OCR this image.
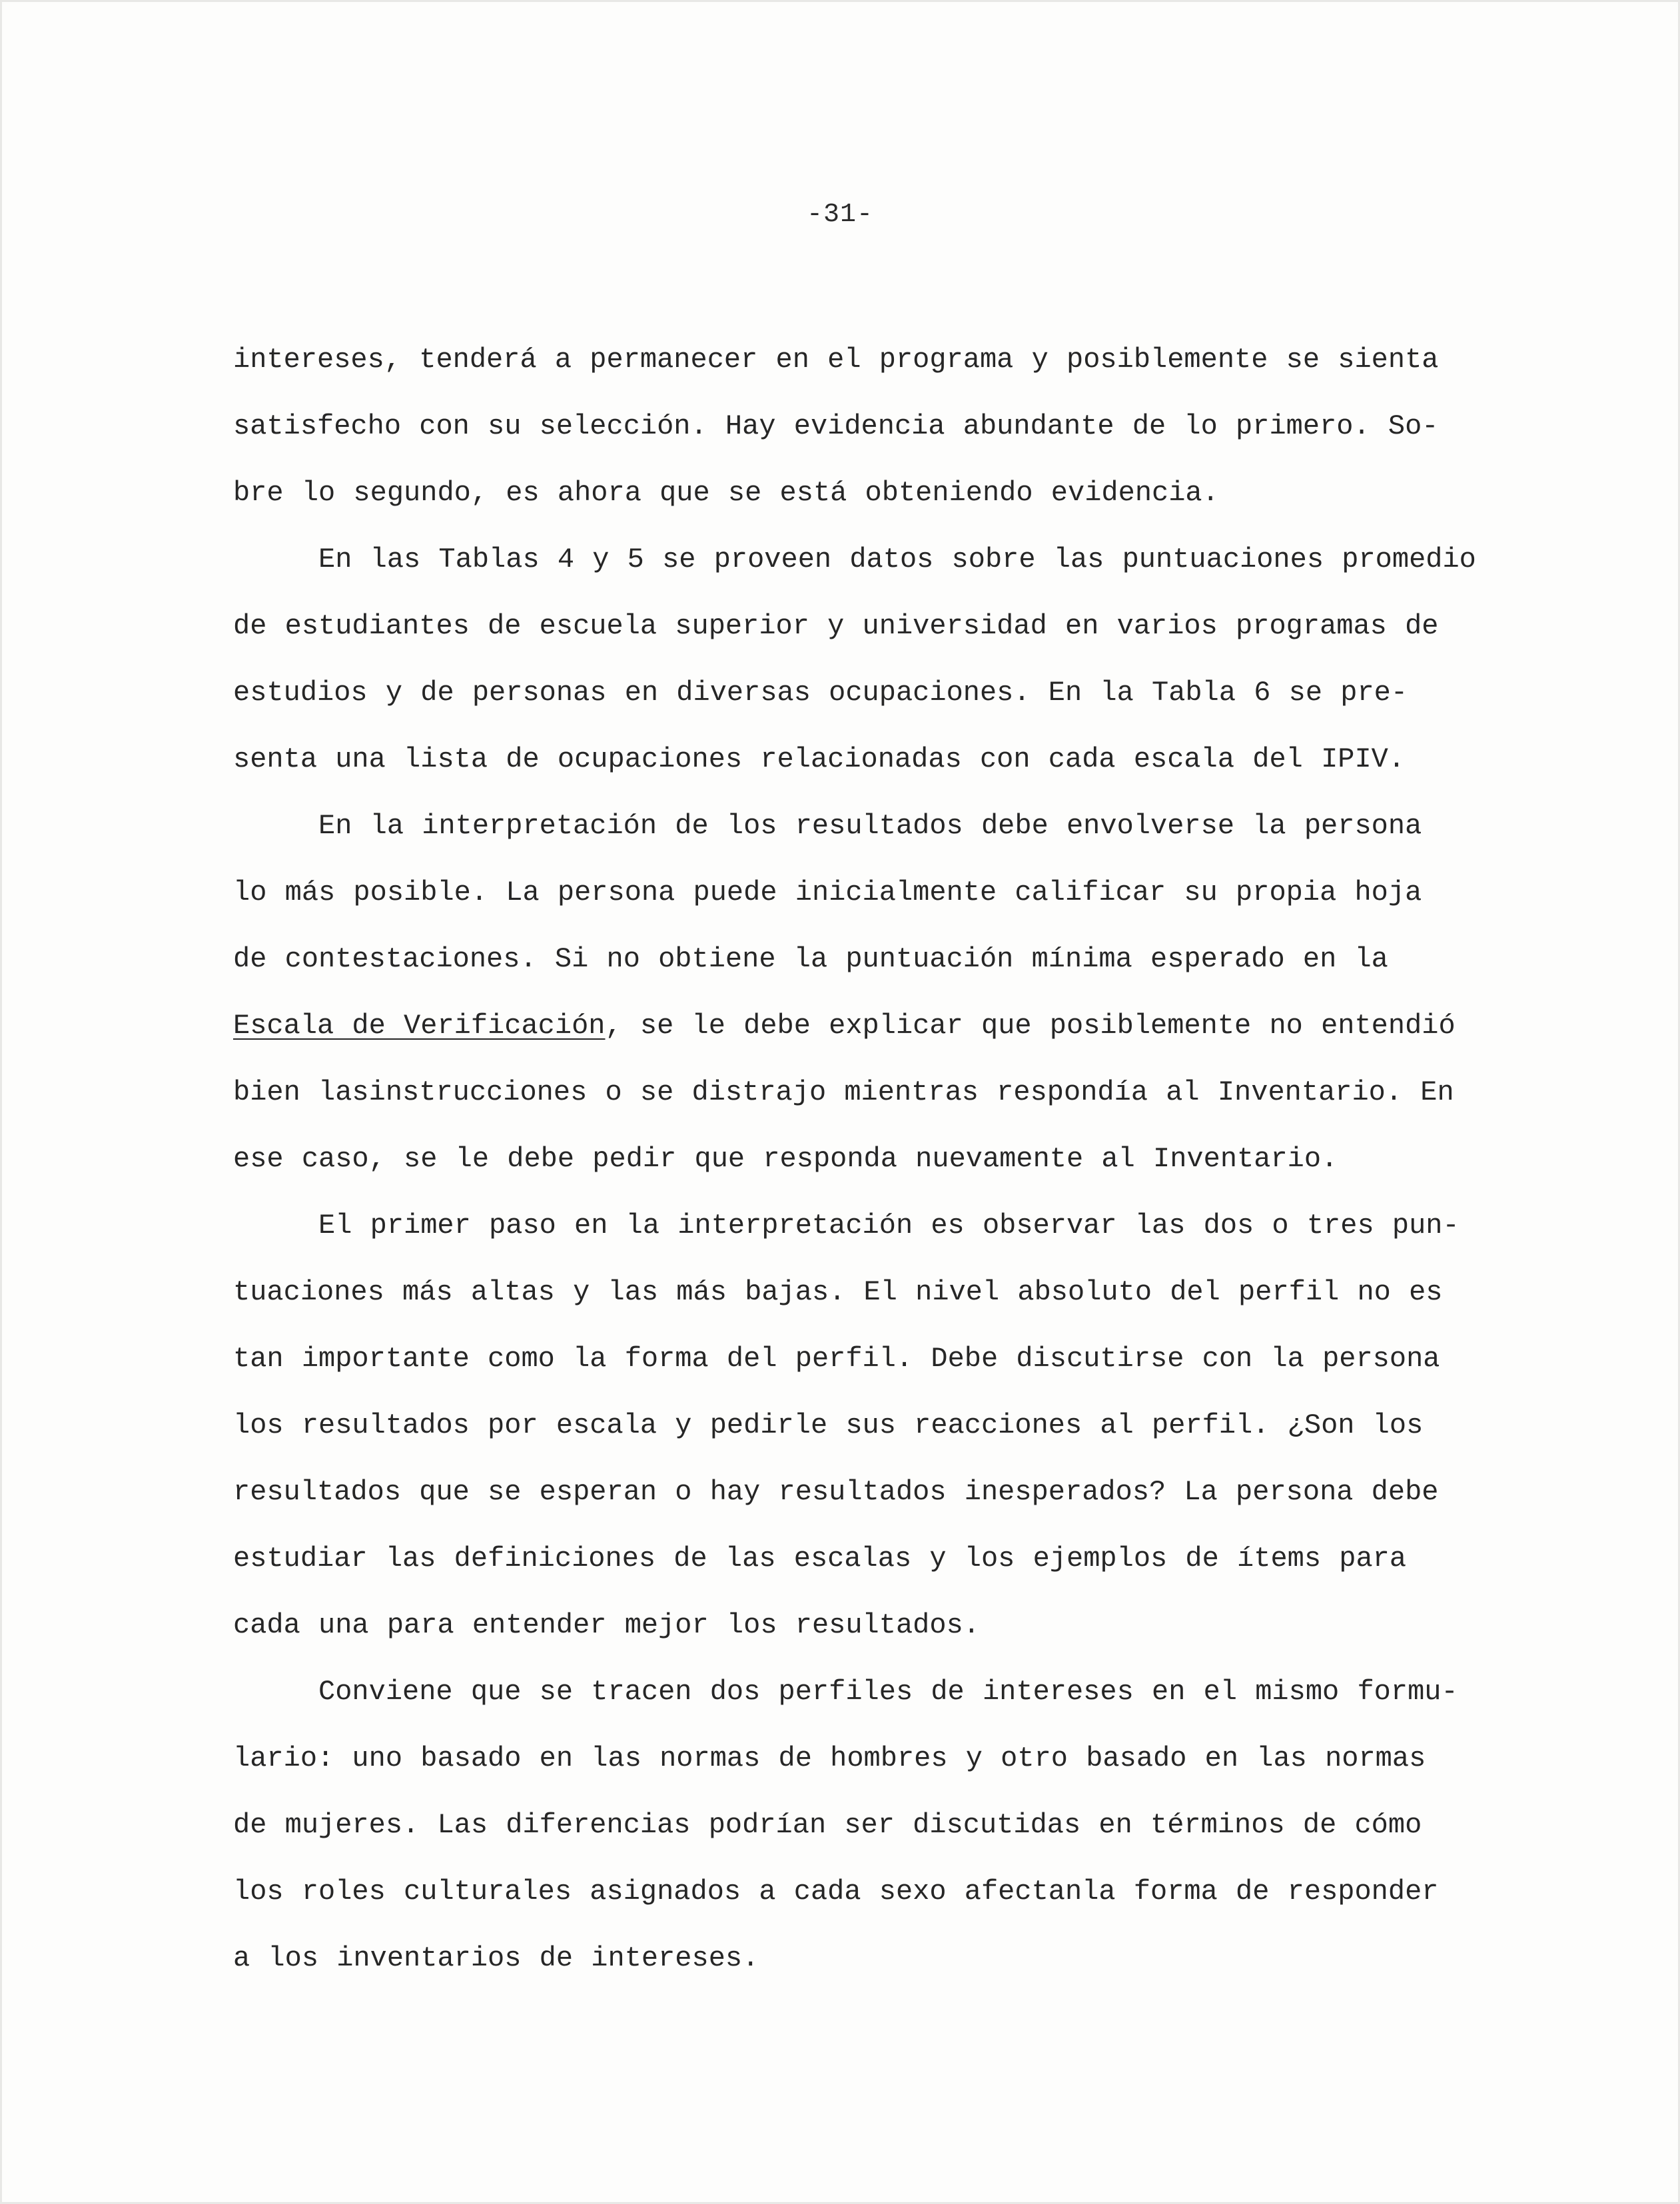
-31-

intereses, tenderá a permanecer en el programa y posiblemente se sienta
satisfecho con su selección. Hay evidencia abundante de lo primero. So-
bre lo segundo, es ahora que se está obteniendo evidencia.

En las Tablas 4 y 5 se proveen datos sobre las puntuaciones promedio
de estudiantes de escuela superior y universidad en varios programas de
estudios y de personas en diversas ocupaciones. En la Tabla 6 se pre-
senta una lista de ocupaciones relacionadas con cada escala del IPIV.

En la interpretación de los resultados debe envolverse la persona
lo más posible. La persona puede inicialmente calificar su propia hoja
de contestaciones. Si no obtiene la puntuación mínima esperado en la
Escala de Verificación, se le debe explicar que posiblemente no entendió
bien lasinstrucciones o se distrajo mientras respondía al Inventario. En
ese caso, se le debe pedir que responda nuevamente al Inventario.

El primer paso en la interpretación es observar las dos o tres pun-
tuaciones más altas y las más bajas. El nivel absoluto del perfil no es
tan importante como la forma del perfil. Debe discutirse con la persona
los resultados por escala y pedirle sus reacciones al perfil. ¿Son los
resultados que se esperan o hay resultados inesperados? La persona debe
estudiar las definiciones de las escalas y los ejemplos de ítems para
cada una para entender mejor los resultados.

Conviene que se tracen dos perfiles de intereses en el mismo formu-
lario: uno basado en las normas de hombres y otro basado en las normas
de mujeres. Las diferencias podrían ser discutidas en términos de cómo
los roles culturales asignados a cada sexo afectanla forma de responder
a los inventarios de intereses.
